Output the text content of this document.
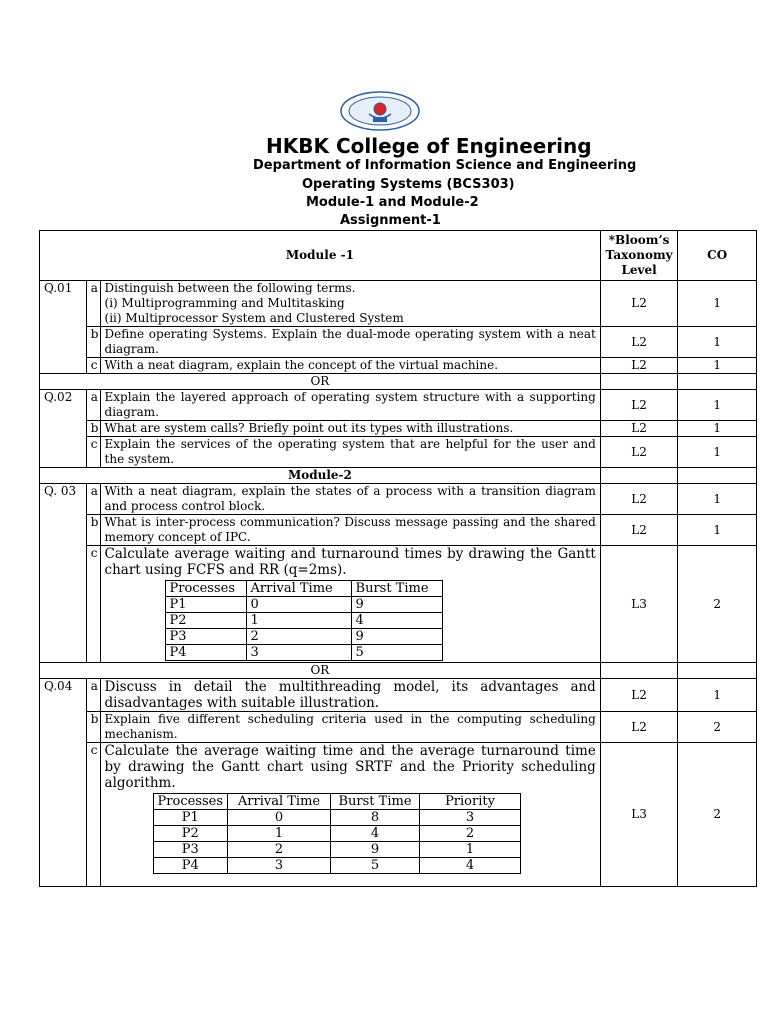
HKBK College of Engineering
Department of Information Science and Engineering
Operating Systems (BCS303)
Module-1 and Module-2
Assignment-1
Module -1	*Bloom’s Taxonomy Level	CO
Q.01	a	Distinguish between the following terms.
(i) Multiprogramming and Multitasking
(ii) Multiprocessor System and Clustered System
	L2	1
b	Define operating Systems. Explain the dual-mode operating system with a neat diagram.	L2	1
c	With a neat diagram, explain the concept of the virtual machine.	L2	1
OR		
Q.02	a	Explain the layered approach of operating system structure with a supporting diagram.	L2	1
b	What are system calls? Briefly point out its types with illustrations.	L2	1
c	Explain the services of the operating system that are helpful for the user and the system.	L2	1
Module-2		
Q. 03	a	With a neat diagram, explain the states of a process with a transition diagram and process control block.	L2	1
b	What is inter-process communication? Discuss message passing and the shared memory concept of IPC.	L2	1
c	Calculate average waiting and turnaround times by drawing the Gantt chart using FCFS and RR (q=2ms).
Processes	Arrival Time	Burst Time
P1	0	9
P2	1	4
P3	2	9
P4	3	5
	L3	2
OR		
Q.04	a	Discuss in detail the multithreading model, its advantages and disadvantages with suitable illustration.	L2	1
b	Explain five different scheduling criteria used in the computing scheduling mechanism.	L2	2
c	Calculate the average waiting time and the average turnaround time by drawing the Gantt chart using SRTF and the Priority scheduling algorithm.
Processes	Arrival Time	Burst Time	Priority
P1	0	8	3
P2	1	4	2
P3	2	9	1
P4	3	5	4
	L3	2
